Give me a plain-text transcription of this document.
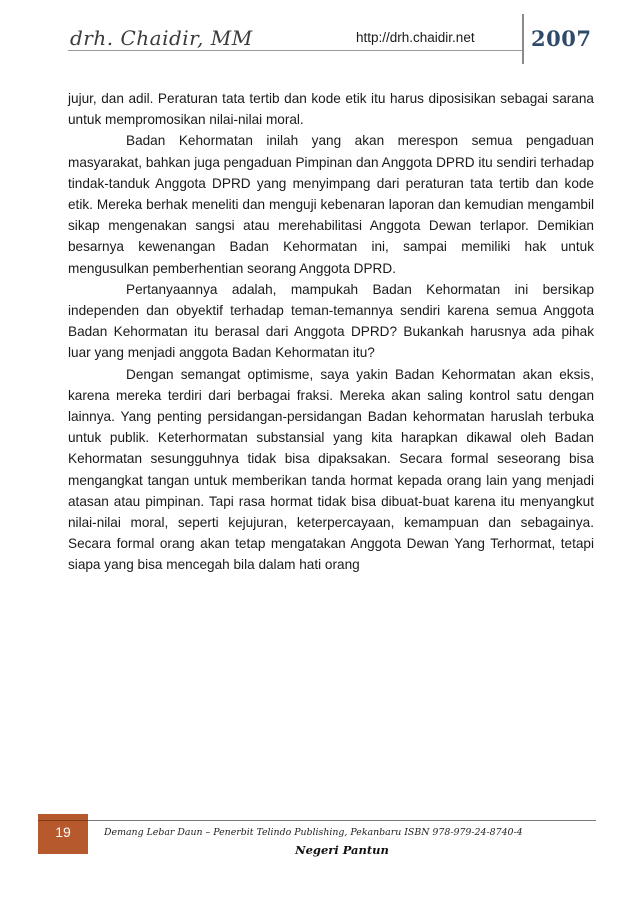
drh. Chaidir, MM	http://drh.chaidir.net	2007

jujur, dan adil. Peraturan tata tertib dan kode etik itu harus diposisikan sebagai sarana untuk mempromosikan nilai-nilai moral.

Badan Kehormatan inilah yang akan merespon semua pengaduan masyarakat, bahkan juga pengaduan Pimpinan dan Anggota DPRD itu sendiri terhadap tindak-tanduk Anggota DPRD yang menyimpang dari peraturan tata tertib dan kode etik. Mereka berhak meneliti dan menguji kebenaran laporan dan kemudian mengambil sikap mengenakan sangsi atau merehabilitasi Anggota Dewan terlapor. Demikian besarnya kewenangan Badan Kehormatan ini, sampai memiliki hak untuk mengusulkan pemberhentian seorang Anggota DPRD.

Pertanyaannya adalah, mampukah Badan Kehormatan ini bersikap independen dan obyektif terhadap teman-temannya sendiri karena semua Anggota Badan Kehormatan itu berasal dari Anggota DPRD? Bukankah harusnya ada pihak luar yang menjadi anggota Badan Kehormatan itu?

Dengan semangat optimisme, saya yakin Badan Kehormatan akan eksis, karena mereka terdiri dari berbagai fraksi. Mereka akan saling kontrol satu dengan lainnya. Yang penting persidangan-persidangan Badan kehormatan haruslah terbuka untuk publik. Keterhormatan substansial yang kita harapkan dikawal oleh Badan Kehormatan sesungguhnya tidak bisa dipaksakan. Secara formal seseorang bisa mengangkat tangan untuk memberikan tanda hormat kepada orang lain yang menjadi atasan atau pimpinan. Tapi rasa hormat tidak bisa dibuat-buat karena itu menyangkut nilai-nilai moral, seperti kejujuran, keterpercayaan, kemampuan dan sebagainya. Secara formal orang akan tetap mengatakan Anggota Dewan Yang Terhormat, tetapi siapa yang bisa mencegah bila dalam hati orang

19	Demang Lebar Daun – Penerbit Telindo Publishing, Pekanbaru ISBN 978-979-24-8740-4
Negeri Pantun
